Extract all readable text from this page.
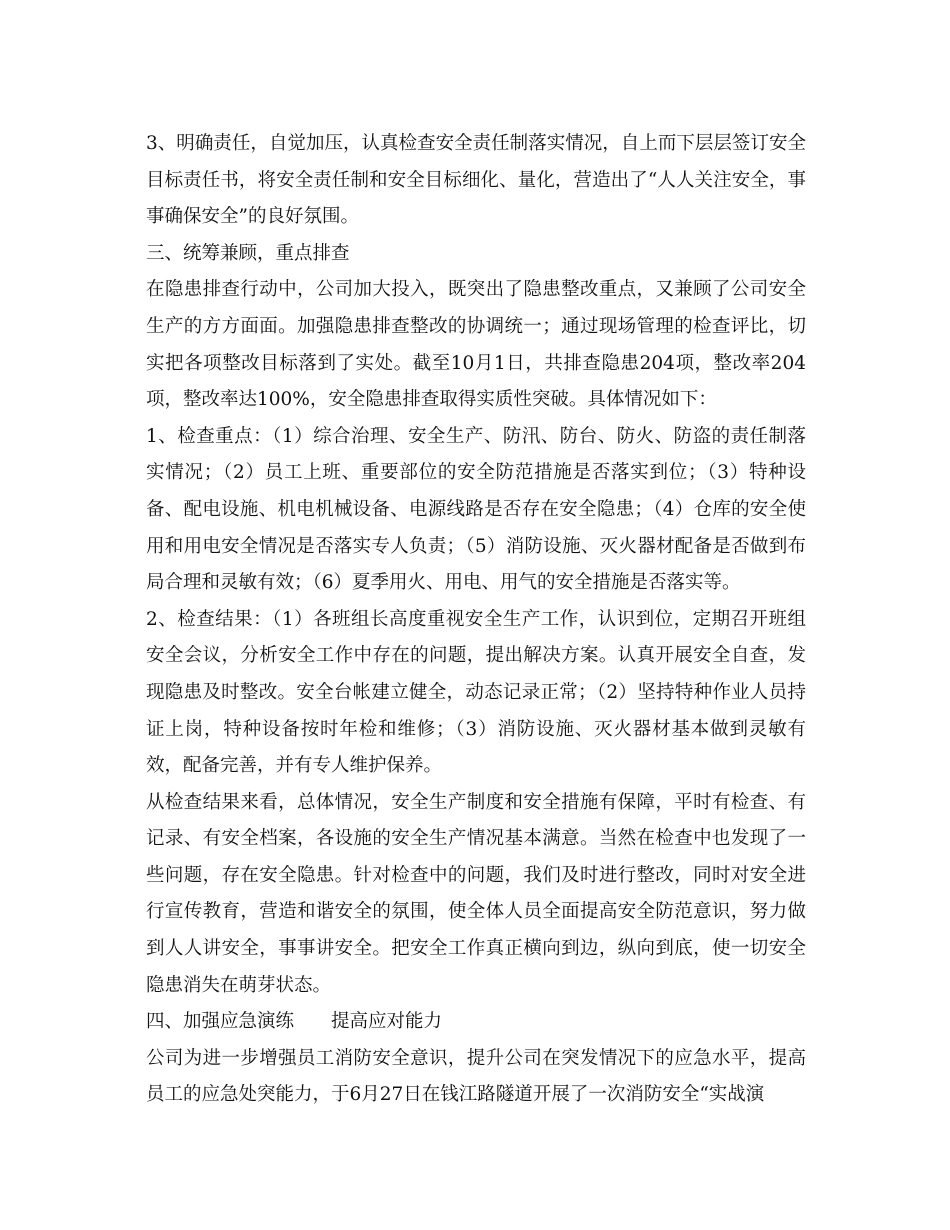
3、明确责任，自觉加压，认真检查安全责任制落实情况，自上而下层层签订安全目标责任书，将安全责任制和安全目标细化、量化，营造出了“人人关注安全，事事确保安全”的良好氛围。

三、统筹兼顾，重点排查

在隐患排查行动中，公司加大投入，既突出了隐患整改重点，又兼顾了公司安全生产的方方面面。加强隐患排查整改的协调统一；通过现场管理的检查评比，切实把各项整改目标落到了实处。截至10月1日，共排查隐患204项，整改率204项，整改率达100%，安全隐患排查取得实质性突破。具体情况如下：

1、检查重点：（1）综合治理、安全生产、防汛、防台、防火、防盗的责任制落实情况；（2）员工上班、重要部位的安全防范措施是否落实到位；（3）特种设备、配电设施、机电机械设备、电源线路是否存在安全隐患；（4）仓库的安全使用和用电安全情况是否落实专人负责；（5）消防设施、灭火器材配备是否做到布局合理和灵敏有效；（6）夏季用火、用电、用气的安全措施是否落实等。

2、检查结果：（1）各班组长高度重视安全生产工作，认识到位，定期召开班组安全会议，分析安全工作中存在的问题，提出解决方案。认真开展安全自查，发现隐患及时整改。安全台帐建立健全，动态记录正常；（2）坚持特种作业人员持证上岗，特种设备按时年检和维修；（3）消防设施、灭火器材基本做到灵敏有效，配备完善，并有专人维护保养。

从检查结果来看，总体情况，安全生产制度和安全措施有保障，平时有检查、有记录、有安全档案，各设施的安全生产情况基本满意。当然在检查中也发现了一些问题，存在安全隐患。针对检查中的问题，我们及时进行整改，同时对安全进行宣传教育，营造和谐安全的氛围，使全体人员全面提高安全防范意识，努力做到人人讲安全，事事讲安全。把安全工作真正横向到边，纵向到底，使一切安全隐患消失在萌芽状态。

四、加强应急演练　　提高应对能力

公司为进一步增强员工消防安全意识，提升公司在突发情况下的应急水平，提高员工的应急处突能力，于6月27日在钱江路隧道开展了一次消防安全“实战演
